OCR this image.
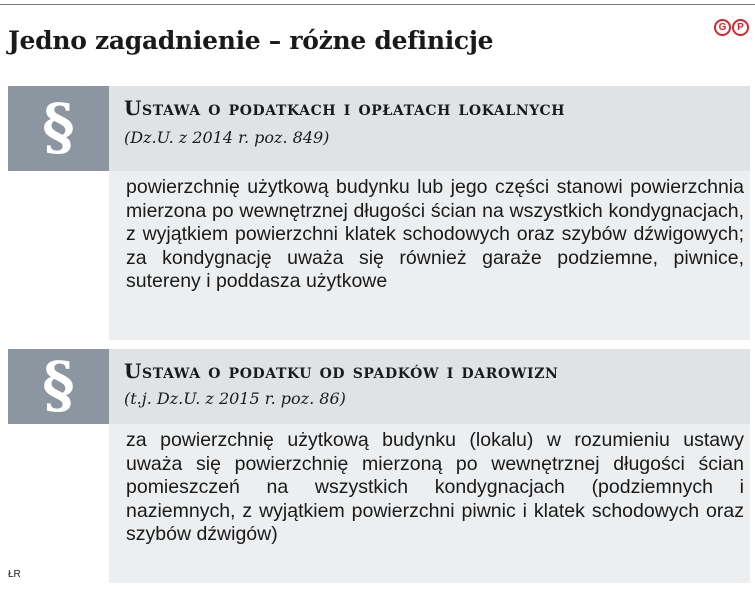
Jedno zagadnienie – różne definicje	G	P
§ Ustawa o podatkach i opłatach lokalnych
(Dz.U. z 2014 r. poz. 849)
powierzchnię użytkową budynku lub jego części stanowi powierzchnia mierzona po wewnętrznej długości ścian na wszystkich kondygnacjach, z wyjątkiem powierzchni klatek schodowych oraz szybów dźwigowych; za kondygnację uważa się również garaże podziemne, piwnice, sutereny i poddasza użytkowe
§ Ustawa o podatku od spadków i darowizn
(t.j. Dz.U. z 2015 r. poz. 86)
za powierzchnię użytkową budynku (lokalu) w rozumieniu ustawy uważa się powierzchnię mierzoną po wewnętrznej długości ścian pomieszczeń na wszystkich kondygnacjach (podziemnych i naziemnych, z wyjątkiem powierzchni piwnic i klatek schodowych oraz szybów dźwigów)
ŁR
